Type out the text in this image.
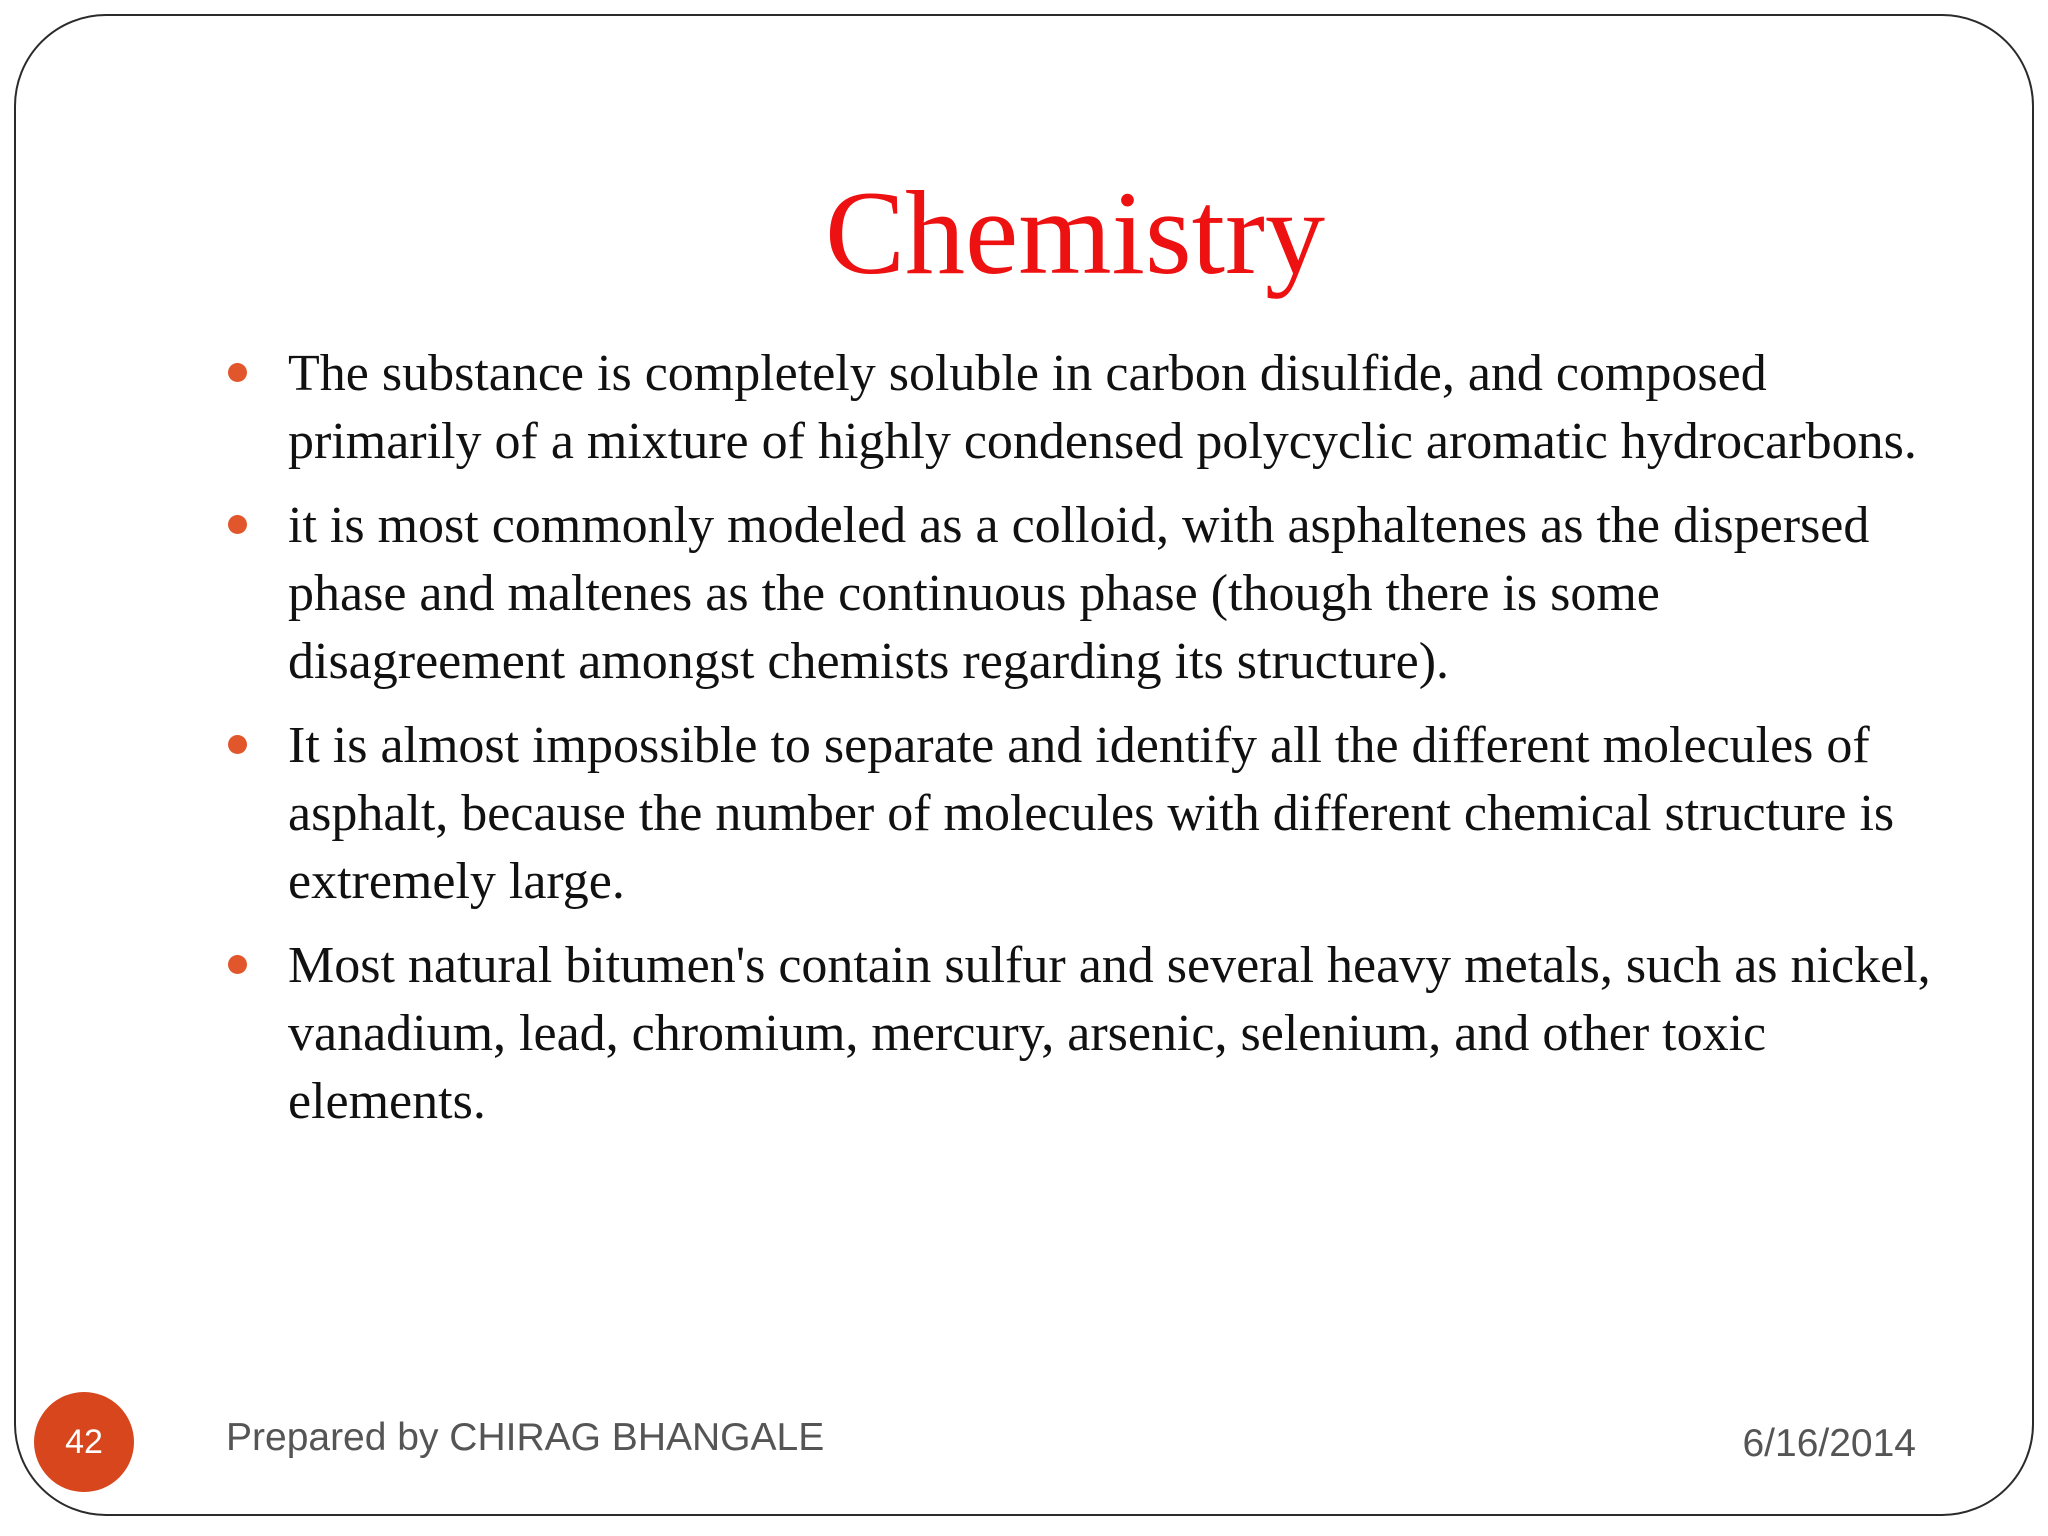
Chemistry
The substance is completely soluble in carbon disulfide, and composed primarily of a mixture of highly condensed polycyclic aromatic hydrocarbons.
it is most commonly modeled as a colloid, with asphaltenes as the dispersed phase and maltenes as the continuous phase (though there is some disagreement amongst chemists regarding its structure).
It is almost impossible to separate and identify all the different molecules of asphalt, because the number of molecules with different chemical structure is extremely large.
Most natural bitumen's contain sulfur and several heavy metals, such as nickel, vanadium, lead, chromium, mercury, arsenic, selenium, and other toxic elements.
42	Prepared by CHIRAG BHANGALE	6/16/2014
